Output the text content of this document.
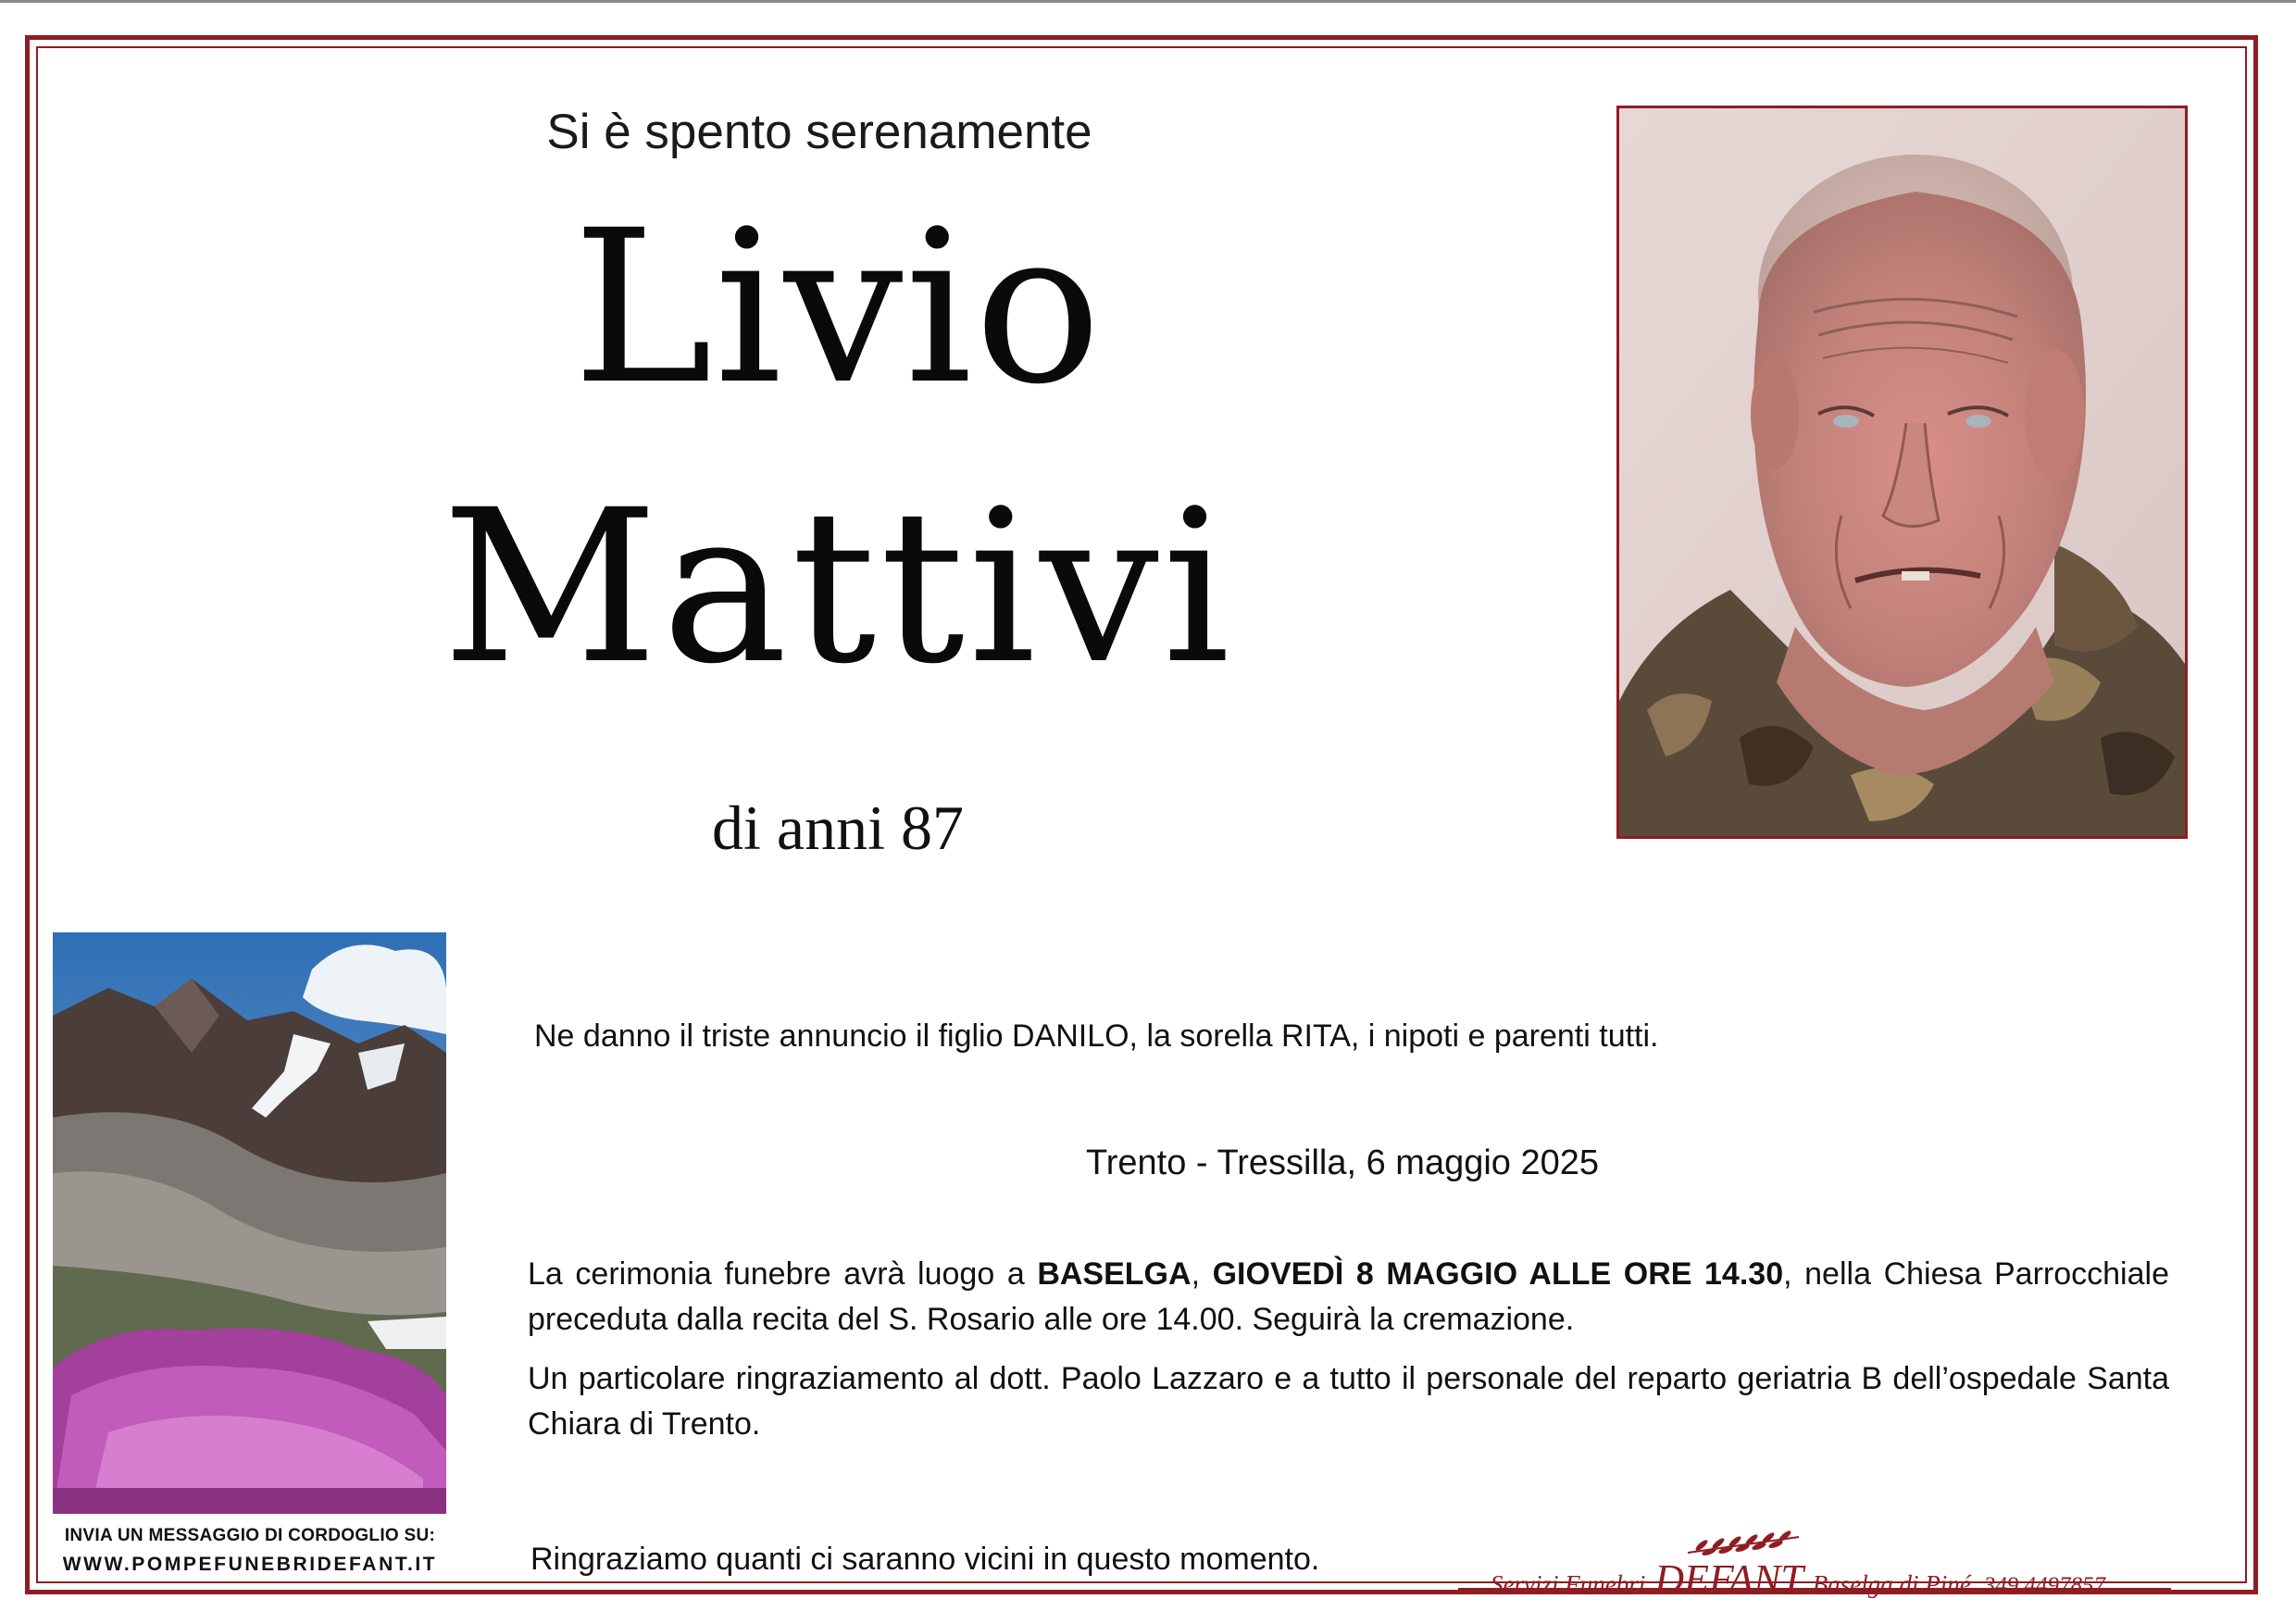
Si è spento serenamente
Livio
Mattivi
di anni 87
INVIA UN MESSAGGIO DI CORDOGLIO SU:
WWW.POMPEFUNEBRIDEFANT.IT
Ne danno il triste annuncio il figlio DANILO, la sorella RITA, i nipoti e parenti tutti.
Trento - Tressilla, 6 maggio 2025
La cerimonia funebre avrà luogo a BASELGA, GIOVEDÌ 8 MAGGIO ALLE ORE 14.30, nella Chiesa Parrocchiale preceduta dalla recita del S. Rosario alle ore 14.00. Seguirà la cremazione.
Un particolare ringraziamento al dott. Paolo Lazzaro e a tutto il personale del reparto geriatria B dell’ospedale Santa Chiara di Trento.
Ringraziamo quanti ci saranno vicini in questo momento.
Servizi Funebri DEFANT Baselga di Piné 349 4497857
